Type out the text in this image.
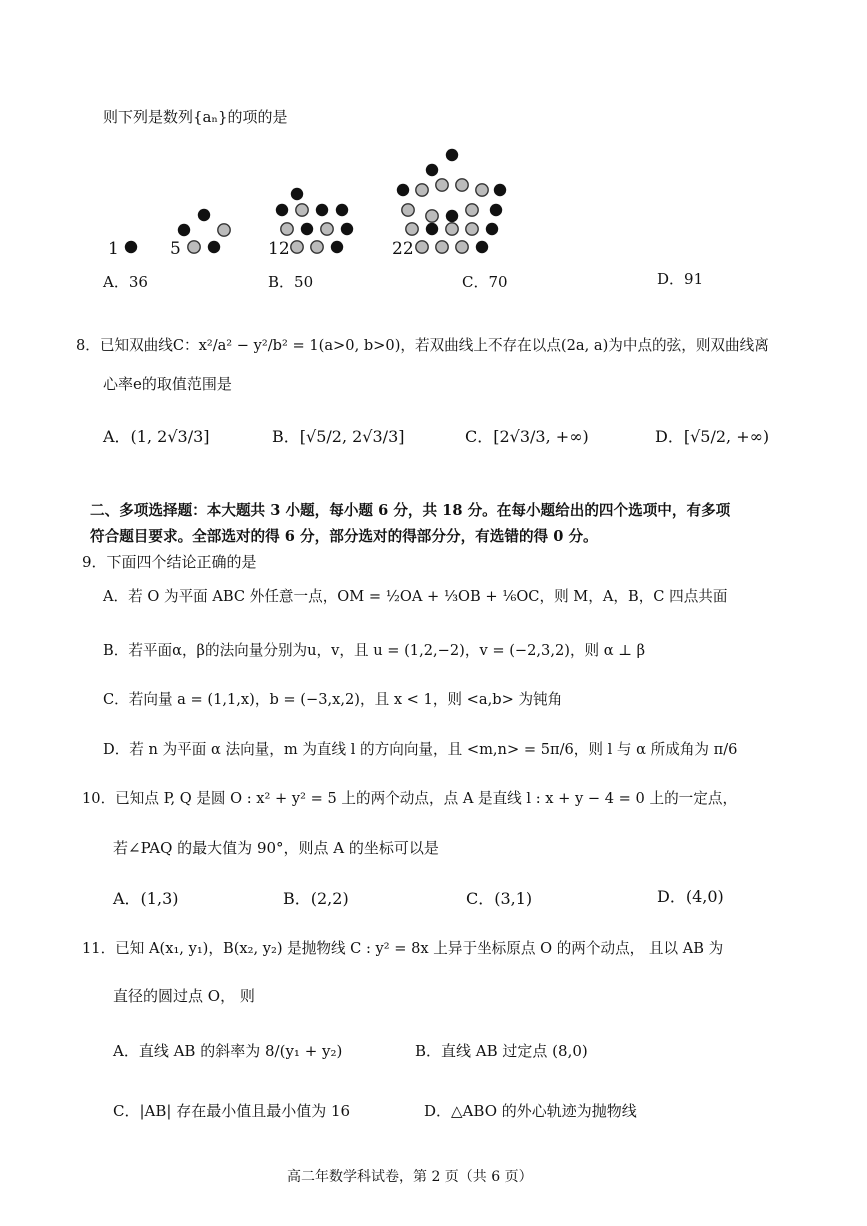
则下列是数列{aₙ}的项的是
1	5	12	22
A．36	B．50	C．70	D．91
8．已知双曲线C：x²/a² − y²/b² = 1(a>0, b>0)，若双曲线上不存在以点(2a, a)为中点的弦，则双曲线离
心率e的取值范围是
A．(1, 2√3/3]	B．[√5/2, 2√3/3]	C．[2√3/3, +∞)	D．[√5/2, +∞)
二、多项选择题：本大题共 3 小题，每小题 6 分，共 18 分。在每小题给出的四个选项中，有多项
符合题目要求。全部选对的得 6 分，部分选对的得部分分，有选错的得 0 分。
9．下面四个结论正确的是
A．若 O 为平面 ABC 外任意一点，OM = ½OA + ⅓OB + ⅙OC，则 M，A，B，C 四点共面
B．若平面α，β的法向量分别为u，v，且 u = (1,2,−2)，v = (−2,3,2)，则 α ⊥ β
C．若向量 a = (1,1,x)，b = (−3,x,2)，且 x < 1，则 <a,b> 为钝角
D．若 n 为平面 α 法向量，m 为直线 l 的方向向量，且 <m,n> = 5π/6，则 l 与 α 所成角为 π/6
10．已知点 P, Q 是圆 O : x² + y² = 5 上的两个动点，点 A 是直线 l : x + y − 4 = 0 上的一定点，
若∠PAQ 的最大值为 90°，则点 A 的坐标可以是
A．(1,3)	B．(2,2)	C．(3,1)	D．(4,0)
11．已知 A(x₁, y₁)，B(x₂, y₂) 是抛物线 C : y² = 8x 上异于坐标原点 O 的两个动点， 且以 AB 为
直径的圆过点 O， 则
A．直线 AB 的斜率为 8/(y₁ + y₂)	B．直线 AB 过定点 (8,0)
C．|AB| 存在最小值且最小值为 16	D．△ABO 的外心轨迹为抛物线
高二年数学科试卷，第 2 页（共 6 页）
